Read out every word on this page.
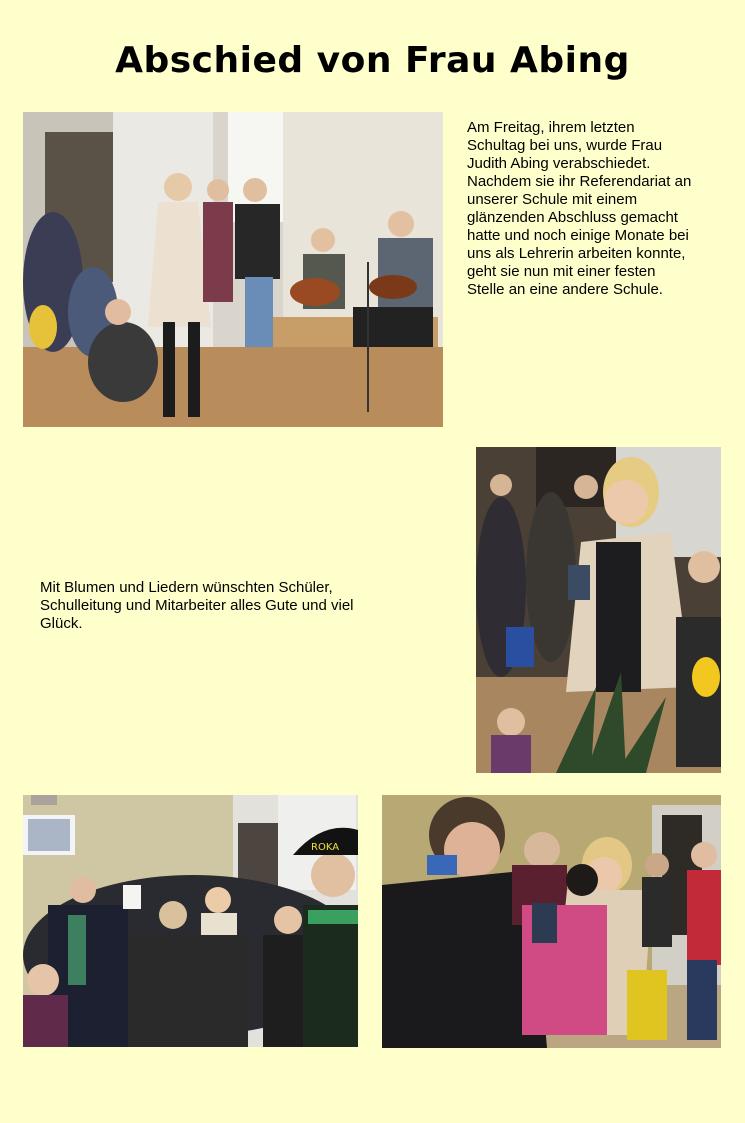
Abschied von Frau Abing

Am Freitag, ihrem letzten

Schultag bei uns, wurde Frau

Judith Abing verabschiedet.

Nachdem sie ihr Referendariat an

unserer Schule mit einem

glänzenden Abschluss gemacht

hatte und noch einige Monate bei

uns als Lehrerin arbeiten konnte,

geht sie nun mit einer festen

Stelle an eine andere Schule.

Mit Blumen und Liedern wünschten Schüler,

Schulleitung und Mitarbeiter alles Gute und viel

Glück.

ROKA
